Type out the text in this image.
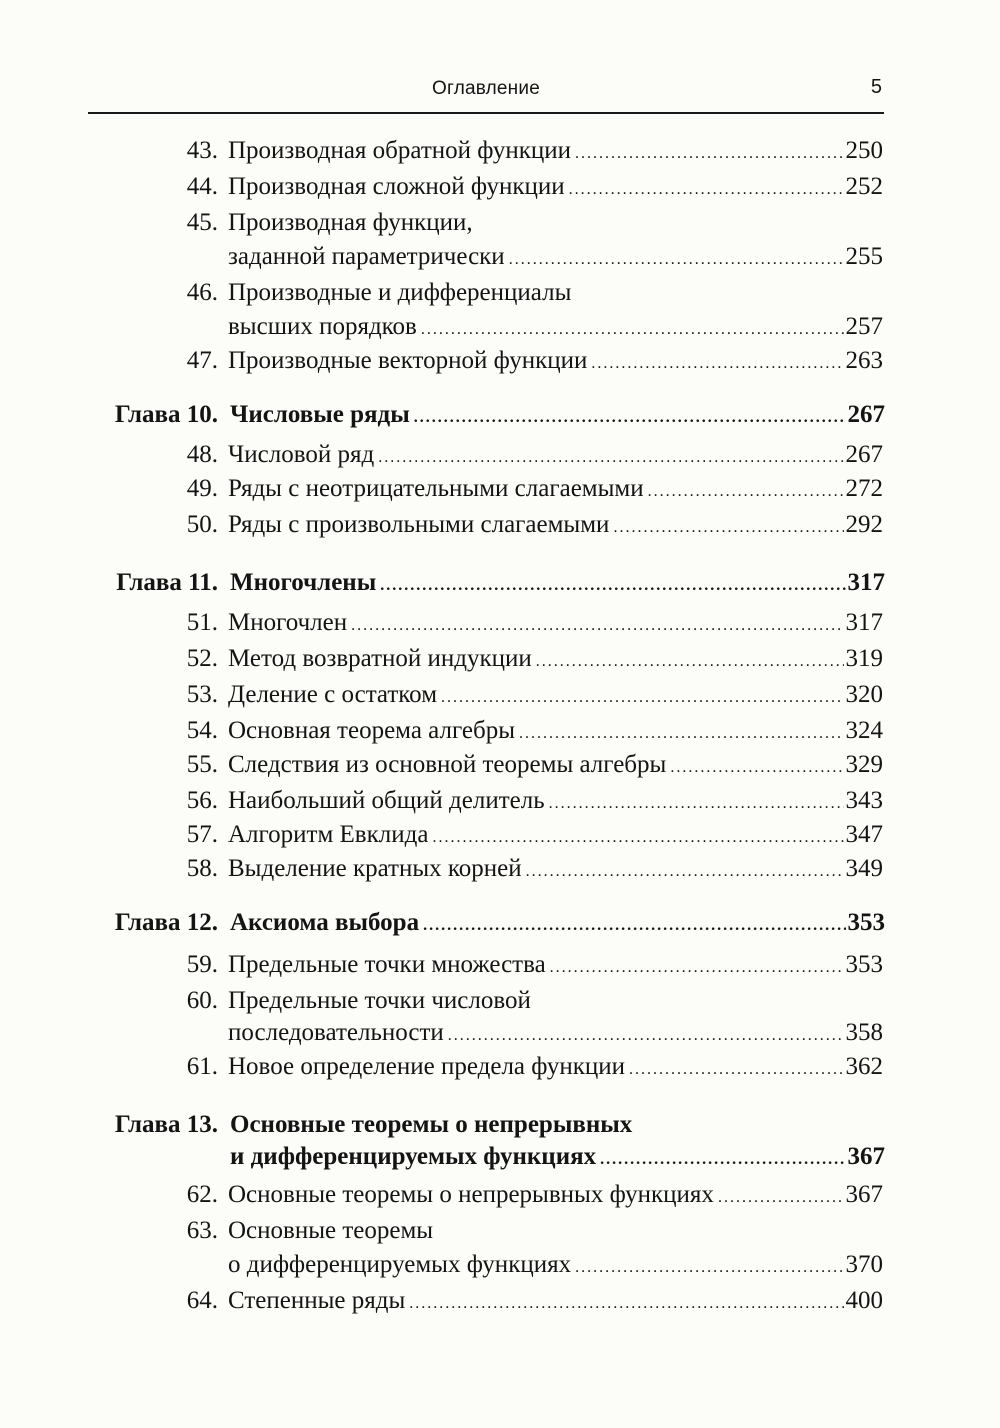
Оглавление	5
43. Производная обратной функции .....	250
44. Производная сложной функции .....	252
45. Производная функции,
заданной параметрически .....	255
46. Производные и дифференциалы
высших порядков .....	257
47. Производные векторной функции .....	263
Глава 10. Числовые ряды .....	267
48. Числовой ряд .....	267
49. Ряды с неотрицательными слагаемыми .....	272
50. Ряды с произвольными слагаемыми .....	292
Глава 11. Многочлены .....	317
51. Многочлен .....	317
52. Метод возвратной индукции .....	319
53. Деление с остатком .....	320
54. Основная теорема алгебры .....	324
55. Следствия из основной теоремы алгебры .....	329
56. Наибольший общий делитель .....	343
57. Алгоритм Евклида .....	347
58. Выделение кратных корней .....	349
Глава 12. Аксиома выбора .....	353
59. Предельные точки множества .....	353
60. Предельные точки числовой
последовательности .....	358
61. Новое определение предела функции .....	362
Глава 13. Основные теоремы о непрерывных
и дифференцируемых функциях .....	367
62. Основные теоремы о непрерывных функциях .....	367
63. Основные теоремы
о дифференцируемых функциях .....	370
64. Степенные ряды .....	400
